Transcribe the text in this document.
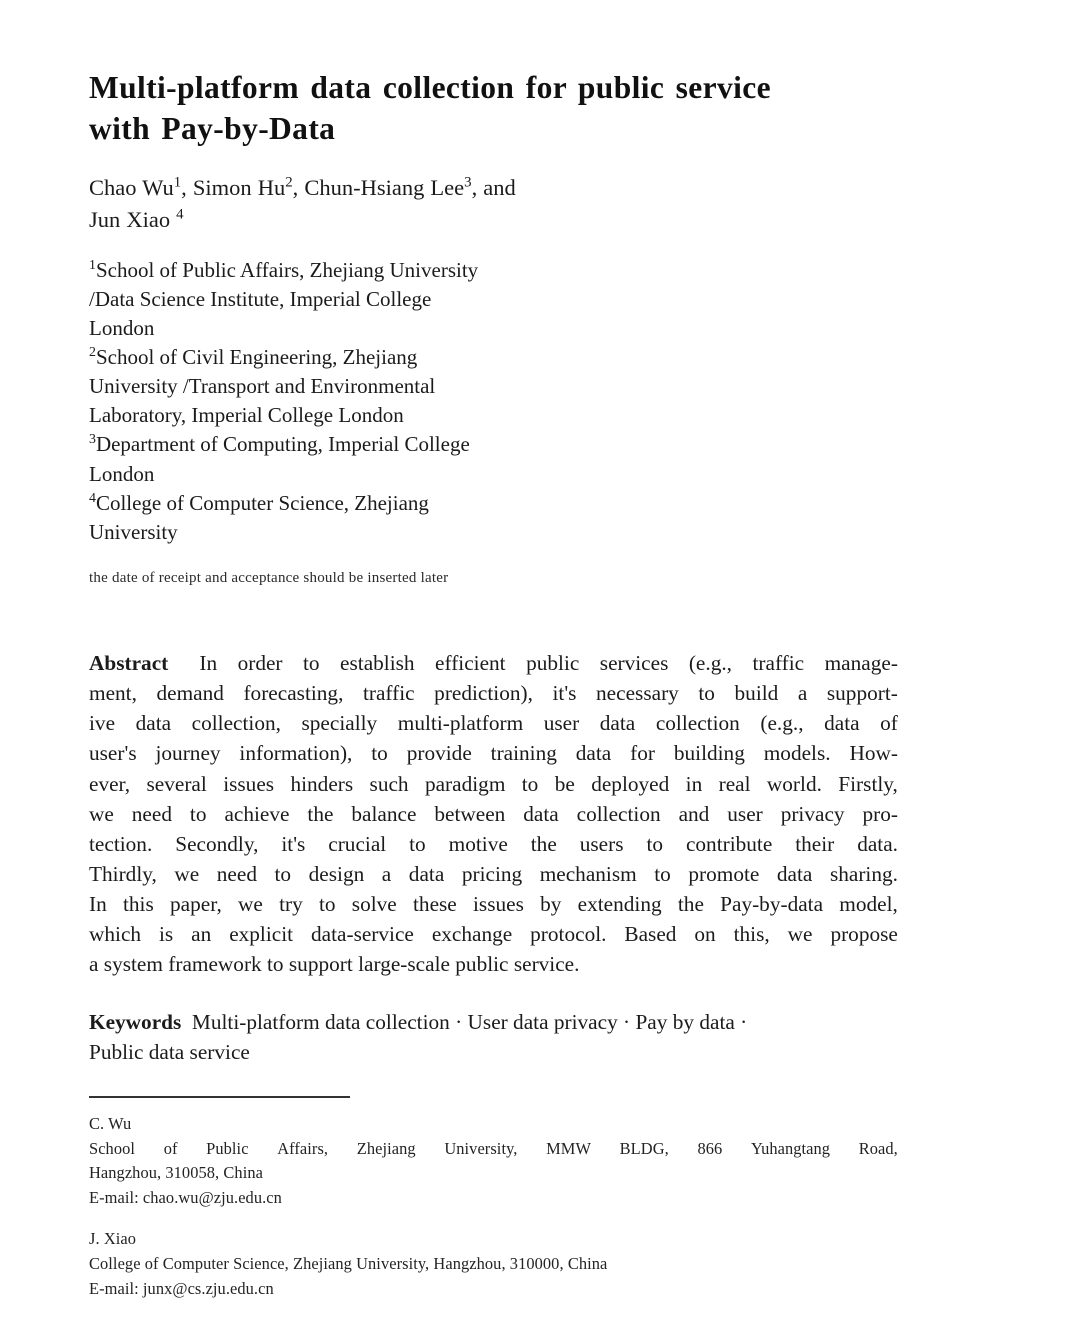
Multi-platform data collection for public service
with Pay-by-Data
Chao Wu$^1$, Simon Hu$^2$, Chun-Hsiang Lee$^3$, and
Jun Xiao $^4$
$^1$School of Public Affairs, Zhejiang University
/Data Science Institute, Imperial College
London
$^2$School of Civil Engineering, Zhejiang
University /Transport and Environmental
Laboratory, Imperial College London
$^3$Department of Computing, Imperial College
London
$^4$College of Computer Science, Zhejiang
University
the date of receipt and acceptance should be inserted later
Abstract  In order to establish efficient public services (e.g., traffic manage-
ment, demand forecasting, traffic prediction), it's necessary to build a support-
ive data collection, specially multi-platform user data collection (e.g., data of
user's journey information), to provide training data for building models. How-
ever, several issues hinders such paradigm to be deployed in real world. Firstly,
we need to achieve the balance between data collection and user privacy pro-
tection. Secondly, it's crucial to motive the users to contribute their data.
Thirdly, we need to design a data pricing mechanism to promote data sharing.
In this paper, we try to solve these issues by extending the Pay-by-data model,
which is an explicit data-service exchange protocol. Based on this, we propose
a system framework to support large-scale public service.
Keywords Multi-platform data collection · User data privacy · Pay by data ·
Public data service
C. Wu
School of Public Affairs, Zhejiang University, MMW BLDG, 866 Yuhangtang Road,
Hangzhou, 310058, China
E-mail: chao.wu@zju.edu.cn
J. Xiao
College of Computer Science, Zhejiang University, Hangzhou, 310000, China
E-mail: junx@cs.zju.edu.cn
